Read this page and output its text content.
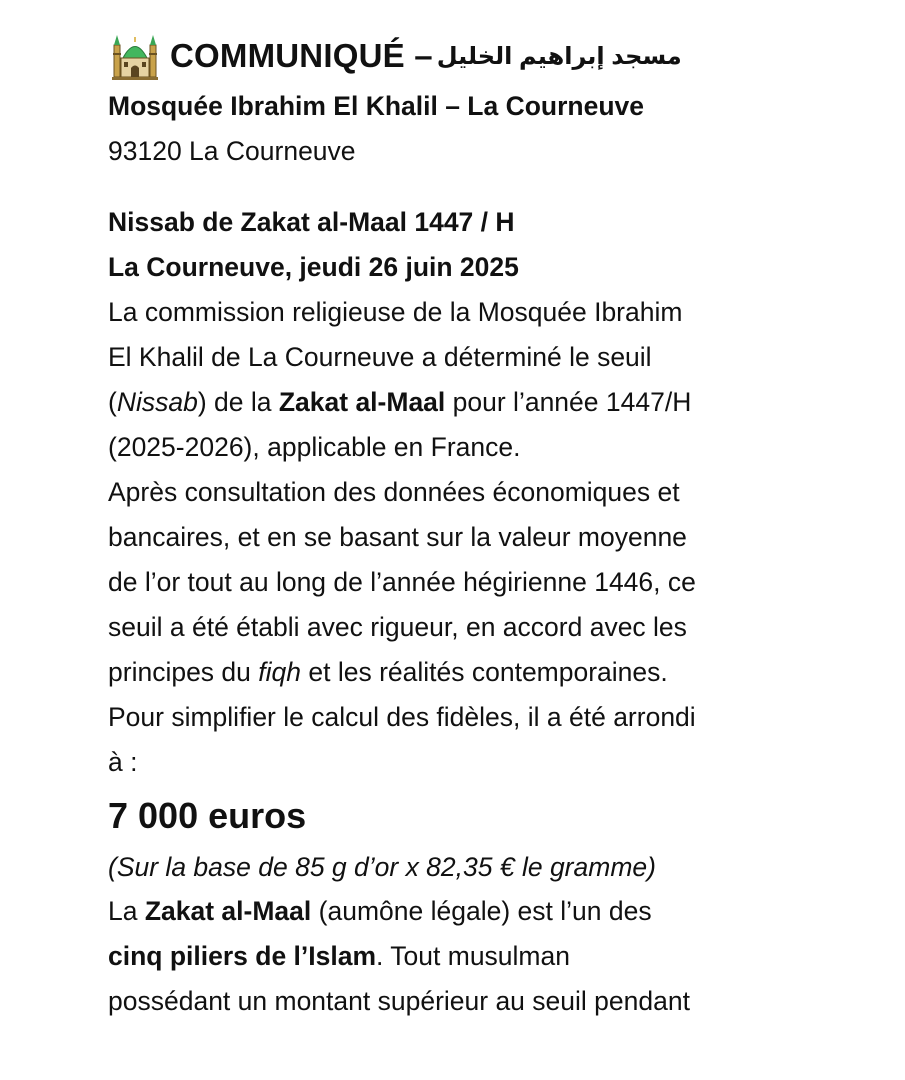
COMMUNIQUÉ – مسجد إبراهيم الخليل
Mosquée Ibrahim El Khalil – La Courneuve
93120 La Courneuve
Nissab de Zakat al-Maal 1447 / H
La Courneuve, jeudi 26 juin 2025
La commission religieuse de la Mosquée Ibrahim
El Khalil de La Courneuve a déterminé le seuil
(Nissab) de la Zakat al-Maal pour l’année 1447/H
(2025-2026), applicable en France.
Après consultation des données économiques et
bancaires, et en se basant sur la valeur moyenne
de l’or tout au long de l’année hégirienne 1446, ce
seuil a été établi avec rigueur, en accord avec les
principes du fiqh et les réalités contemporaines.
Pour simplifier le calcul des fidèles, il a été arrondi
à :
7 000 euros
(Sur la base de 85 g d’or x 82,35 € le gramme)
La Zakat al-Maal (aumône légale) est l’un des
cinq piliers de l’Islam. Tout musulman
possédant un montant supérieur au seuil pendant
